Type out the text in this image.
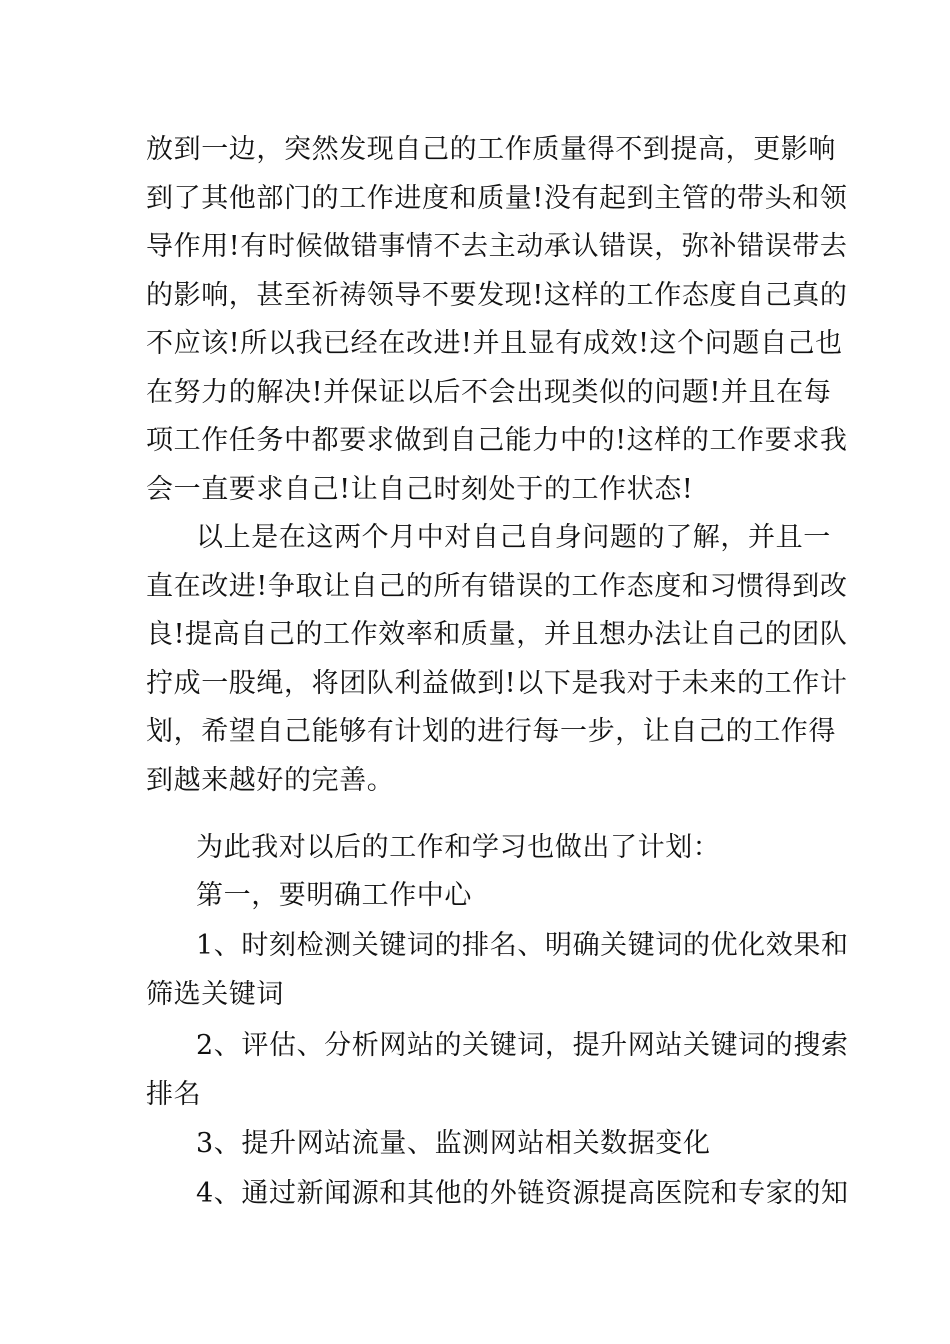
放到一边，突然发现自己的工作质量得不到提高，更影响
到了其他部门的工作进度和质量!没有起到主管的带头和领
导作用!有时候做错事情不去主动承认错误，弥补错误带去
的影响，甚至祈祷领导不要发现!这样的工作态度自己真的
不应该!所以我已经在改进!并且显有成效!这个问题自己也
在努力的解决!并保证以后不会出现类似的问题!并且在每
项工作任务中都要求做到自己能力中的!这样的工作要求我
会一直要求自己!让自己时刻处于的工作状态!
以上是在这两个月中对自己自身问题的了解，并且一
直在改进!争取让自己的所有错误的工作态度和习惯得到改
良!提高自己的工作效率和质量，并且想办法让自己的团队
拧成一股绳，将团队利益做到!以下是我对于未来的工作计
划，希望自己能够有计划的进行每一步，让自己的工作得
到越来越好的完善。
为此我对以后的工作和学习也做出了计划：
第一，要明确工作中心
1、时刻检测关键词的排名、明确关键词的优化效果和
筛选关键词
2、评估、分析网站的关键词，提升网站关键词的搜索
排名
3、提升网站流量、监测网站相关数据变化
4、通过新闻源和其他的外链资源提高医院和专家的知
